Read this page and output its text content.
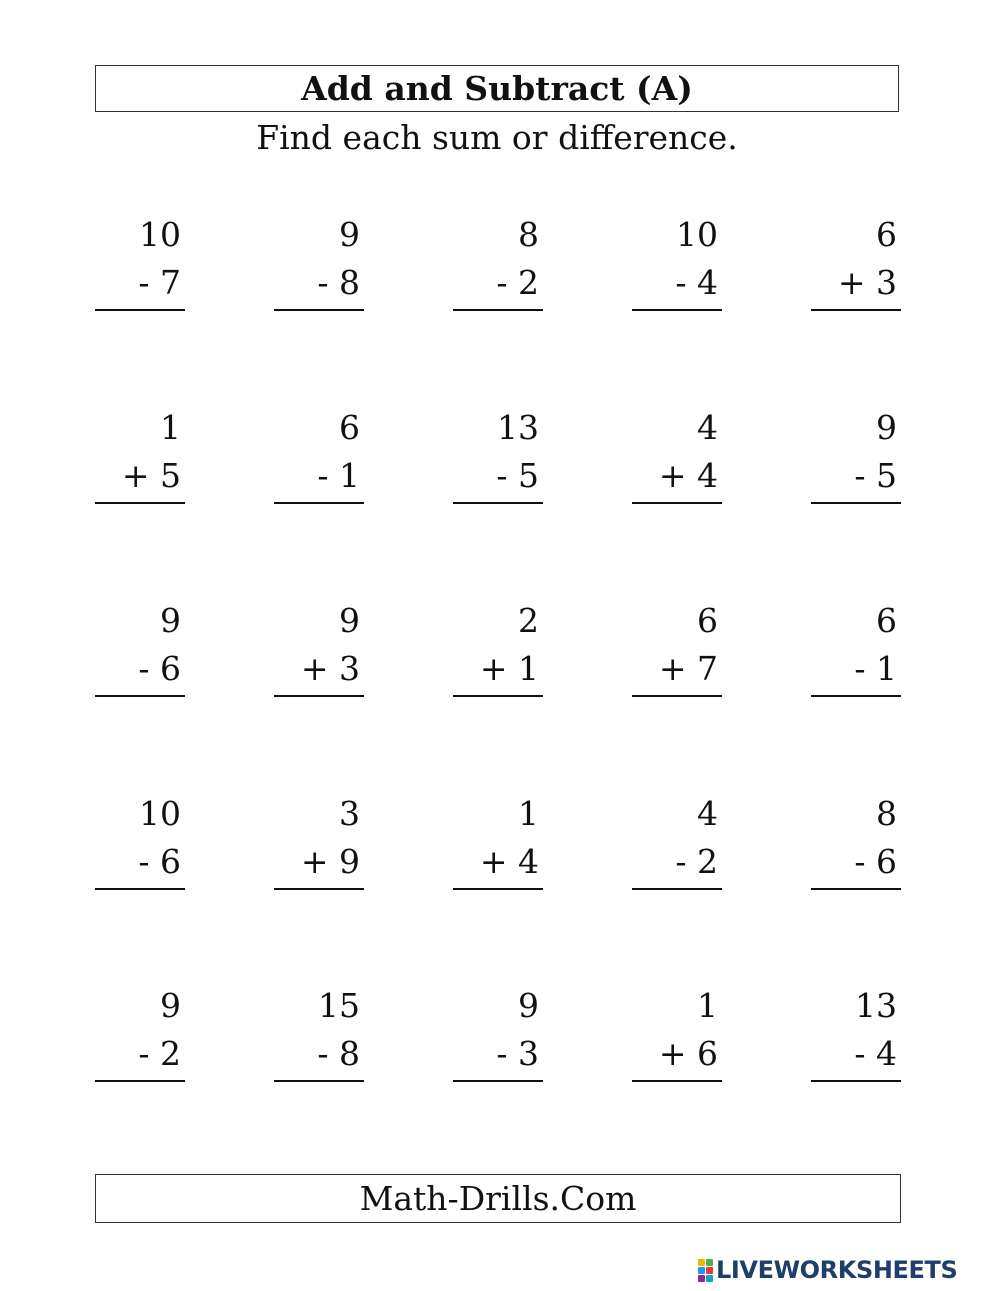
Add and Subtract (A)
Find each sum or difference.
10
- 7
9
- 8
8
- 2
10
- 4
6
+ 3
1
+ 5
6
- 1
13
- 5
4
+ 4
9
- 5
9
- 6
9
+ 3
2
+ 1
6
+ 7
6
- 1
10
- 6
3
+ 9
1
+ 4
4
- 2
8
- 6
9
- 2
15
- 8
9
- 3
1
+ 6
13
- 4
Math-Drills.Com
LIVEWORKSHEETS
